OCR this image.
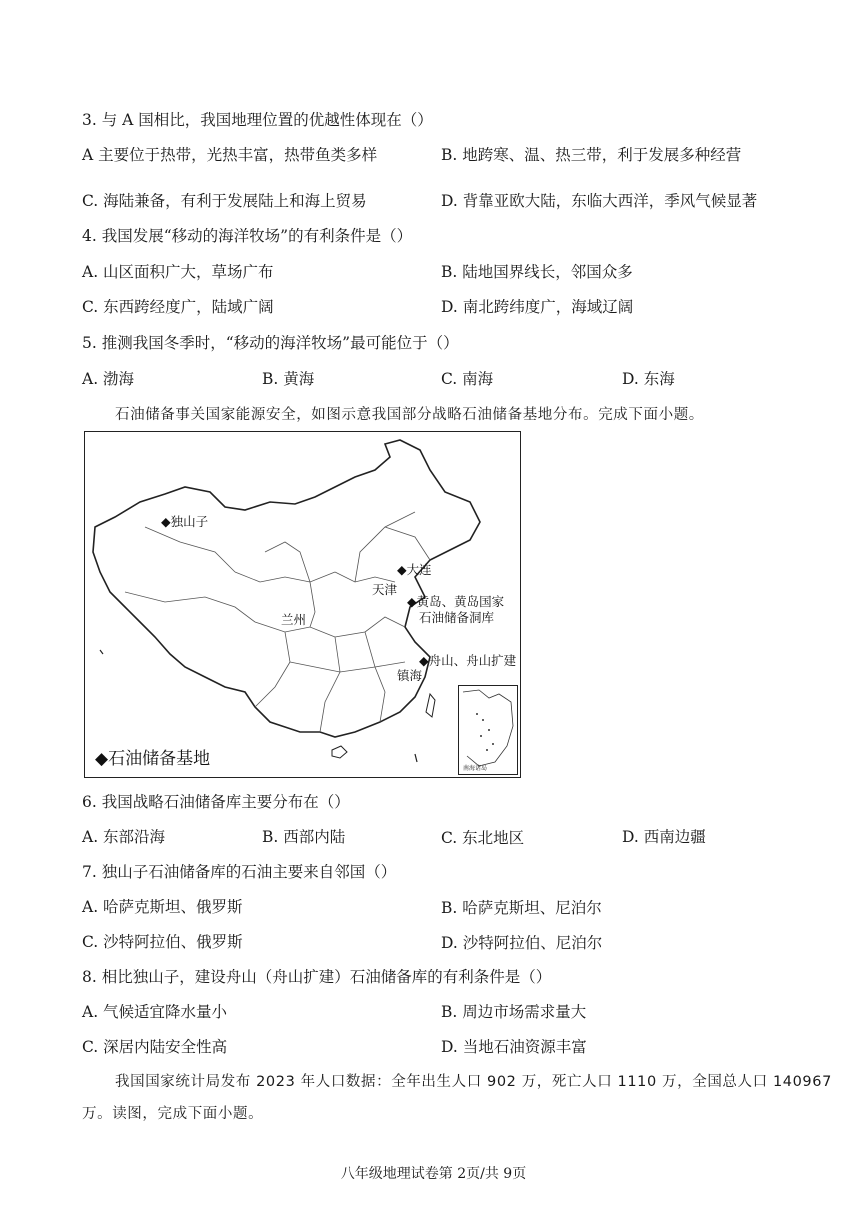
3. 与 A 国相比，我国地理位置的优越性体现在（）
A 主要位于热带，光热丰富，热带鱼类多样	B. 地跨寒、温、热三带，利于发展多种经营
C. 海陆兼备，有利于发展陆上和海上贸易	D. 背靠亚欧大陆，东临大西洋，季风气候显著
4. 我国发展“移动的海洋牧场”的有利条件是（）
A. 山区面积广大，草场广布	B. 陆地国界线长，邻国众多
C. 东西跨经度广，陆域广阔	D. 南北跨纬度广，海域辽阔
5. 推测我国冬季时，“移动的海洋牧场”最可能位于（）
A. 渤海	B. 黄海	C. 南海	D. 东海
石油储备事关国家能源安全，如图示意我国部分战略石油储备基地分布。完成下面小题。
◆独山子
◆大连
天津
◆黄岛、黄岛国家
石油储备洞库
兰州
◆舟山、舟山扩建
镇海
◆石油储备基地	南海诸岛
6. 我国战略石油储备库主要分布在（）
A. 东部沿海	B. 西部内陆	C. 东北地区	D. 西南边疆
7. 独山子石油储备库的石油主要来自邻国（）
A. 哈萨克斯坦、俄罗斯	B. 哈萨克斯坦、尼泊尔
C. 沙特阿拉伯、俄罗斯	D. 沙特阿拉伯、尼泊尔
8. 相比独山子，建设舟山（舟山扩建）石油储备库的有利条件是（）
A. 气候适宜降水量小	B. 周边市场需求量大
C. 深居内陆安全性高	D. 当地石油资源丰富
我国国家统计局发布 2023 年人口数据：全年出生人口 902 万，死亡人口 1110 万，全国总人口 140967
万。读图，完成下面小题。
八年级地理试卷第 2页/共 9页
